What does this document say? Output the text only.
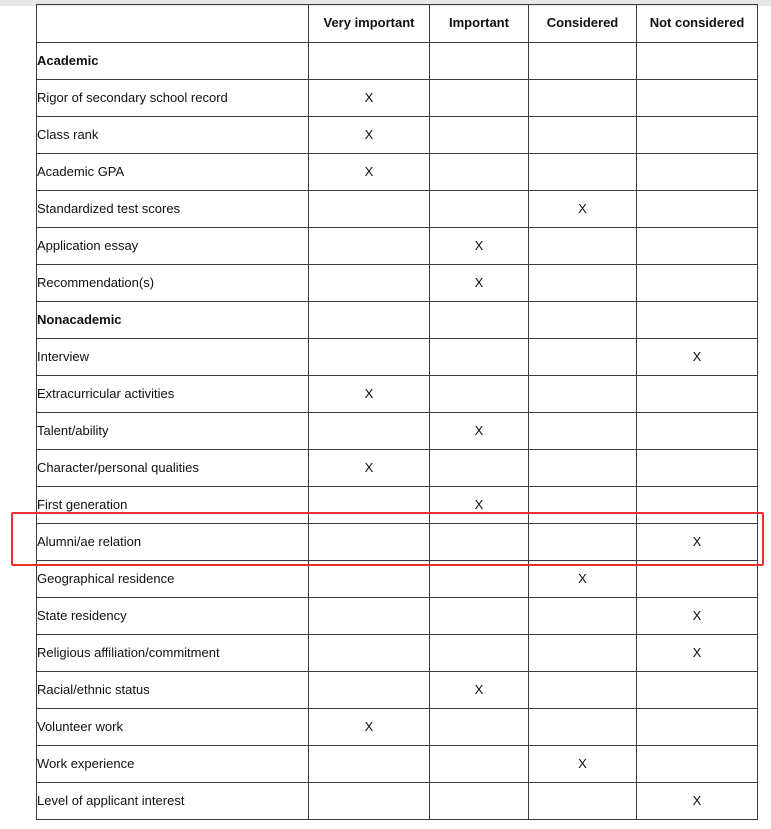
	Very important	Important	Considered	Not considered
Academic				
Rigor of secondary school record	X			
Class rank	X			
Academic GPA	X			
Standardized test scores			X	
Application essay		X		
Recommendation(s)		X		
Nonacademic				
Interview				X
Extracurricular activities	X			
Talent/ability		X		
Character/personal qualities	X			
First generation		X		
Alumni/ae relation				X
Geographical residence			X	
State residency				X
Religious affiliation/commitment				X
Racial/ethnic status		X		
Volunteer work	X			
Work experience			X	
Level of applicant interest				X
